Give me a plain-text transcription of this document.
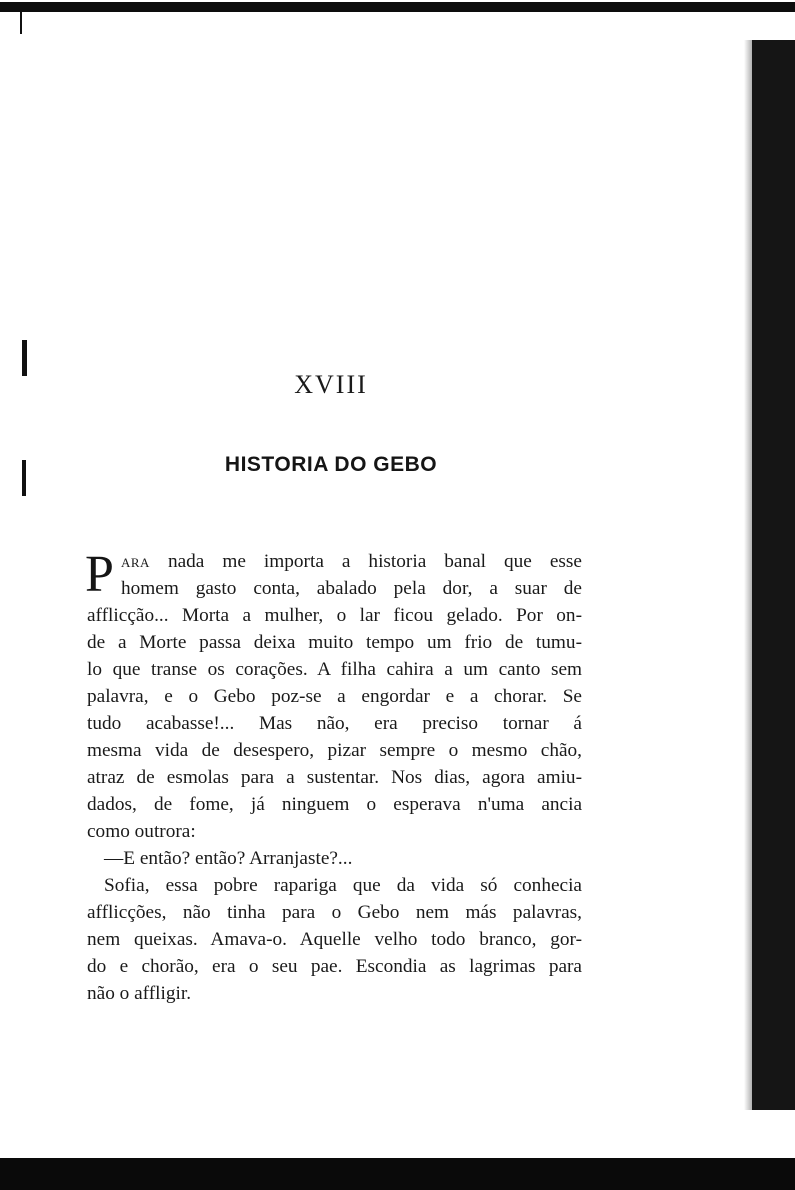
XVIII
HISTORIA DO GEBO
P ARA nada me importa a historia banal que esse
homem gasto conta, abalado pela dor, a suar de
afflicção... Morta a mulher, o lar ficou gelado. Por on-
de a Morte passa deixa muito tempo um frio de tumu-
lo que transe os corações. A filha cahira a um canto sem
palavra, e o Gebo poz-se a engordar e a chorar. Se
tudo acabasse!... Mas não, era preciso tornar á
mesma vida de desespero, pizar sempre o mesmo chão,
atraz de esmolas para a sustentar. Nos dias, agora amiu-
dados, de fome, já ninguem o esperava n'uma ancia
como outrora:
—E então? então? Arranjaste?...
Sofia, essa pobre rapariga que da vida só conhecia
afflicções, não tinha para o Gebo nem más palavras,
nem queixas. Amava-o. Aquelle velho todo branco, gor-
do e chorão, era o seu pae. Escondia as lagrimas para
não o affligir.
